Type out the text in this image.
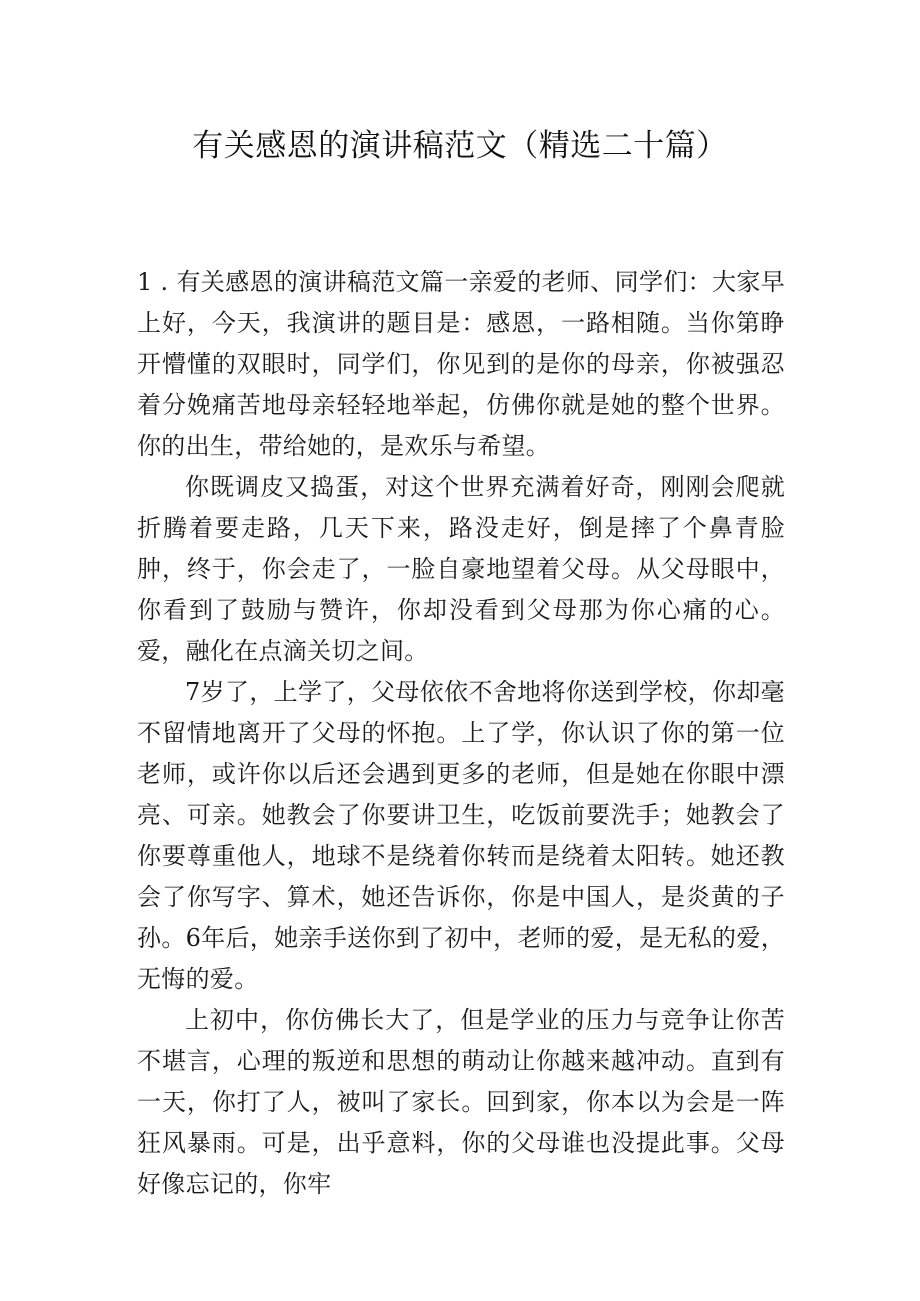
有关感恩的演讲稿范文（精选二十篇）

1 . 有关感恩的演讲稿范文篇一亲爱的老师、同学们：大家早上好，今天，我演讲的题目是：感恩，一路相随。当你第睁开懵懂的双眼时，同学们，你见到的是你的母亲，你被强忍着分娩痛苦地母亲轻轻地举起，仿佛你就是她的整个世界。你的出生，带给她的，是欢乐与希望。

你既调皮又捣蛋，对这个世界充满着好奇，刚刚会爬就折腾着要走路，几天下来，路没走好，倒是摔了个鼻青脸肿，终于，你会走了，一脸自豪地望着父母。从父母眼中，你看到了鼓励与赞许，你却没看到父母那为你心痛的心。爱，融化在点滴关切之间。

7岁了，上学了，父母依依不舍地将你送到学校，你却毫不留情地离开了父母的怀抱。上了学，你认识了你的第一位老师，或许你以后还会遇到更多的老师，但是她在你眼中漂亮、可亲。她教会了你要讲卫生，吃饭前要洗手；她教会了你要尊重他人，地球不是绕着你转而是绕着太阳转。她还教会了你写字、算术，她还告诉你，你是中国人，是炎黄的子孙。6年后，她亲手送你到了初中，老师的爱，是无私的爱，无悔的爱。

上初中，你仿佛长大了，但是学业的压力与竞争让你苦不堪言，心理的叛逆和思想的萌动让你越来越冲动。直到有一天，你打了人，被叫了家长。回到家，你本以为会是一阵狂风暴雨。可是，出乎意料，你的父母谁也没提此事。父母好像忘记的，你牢
